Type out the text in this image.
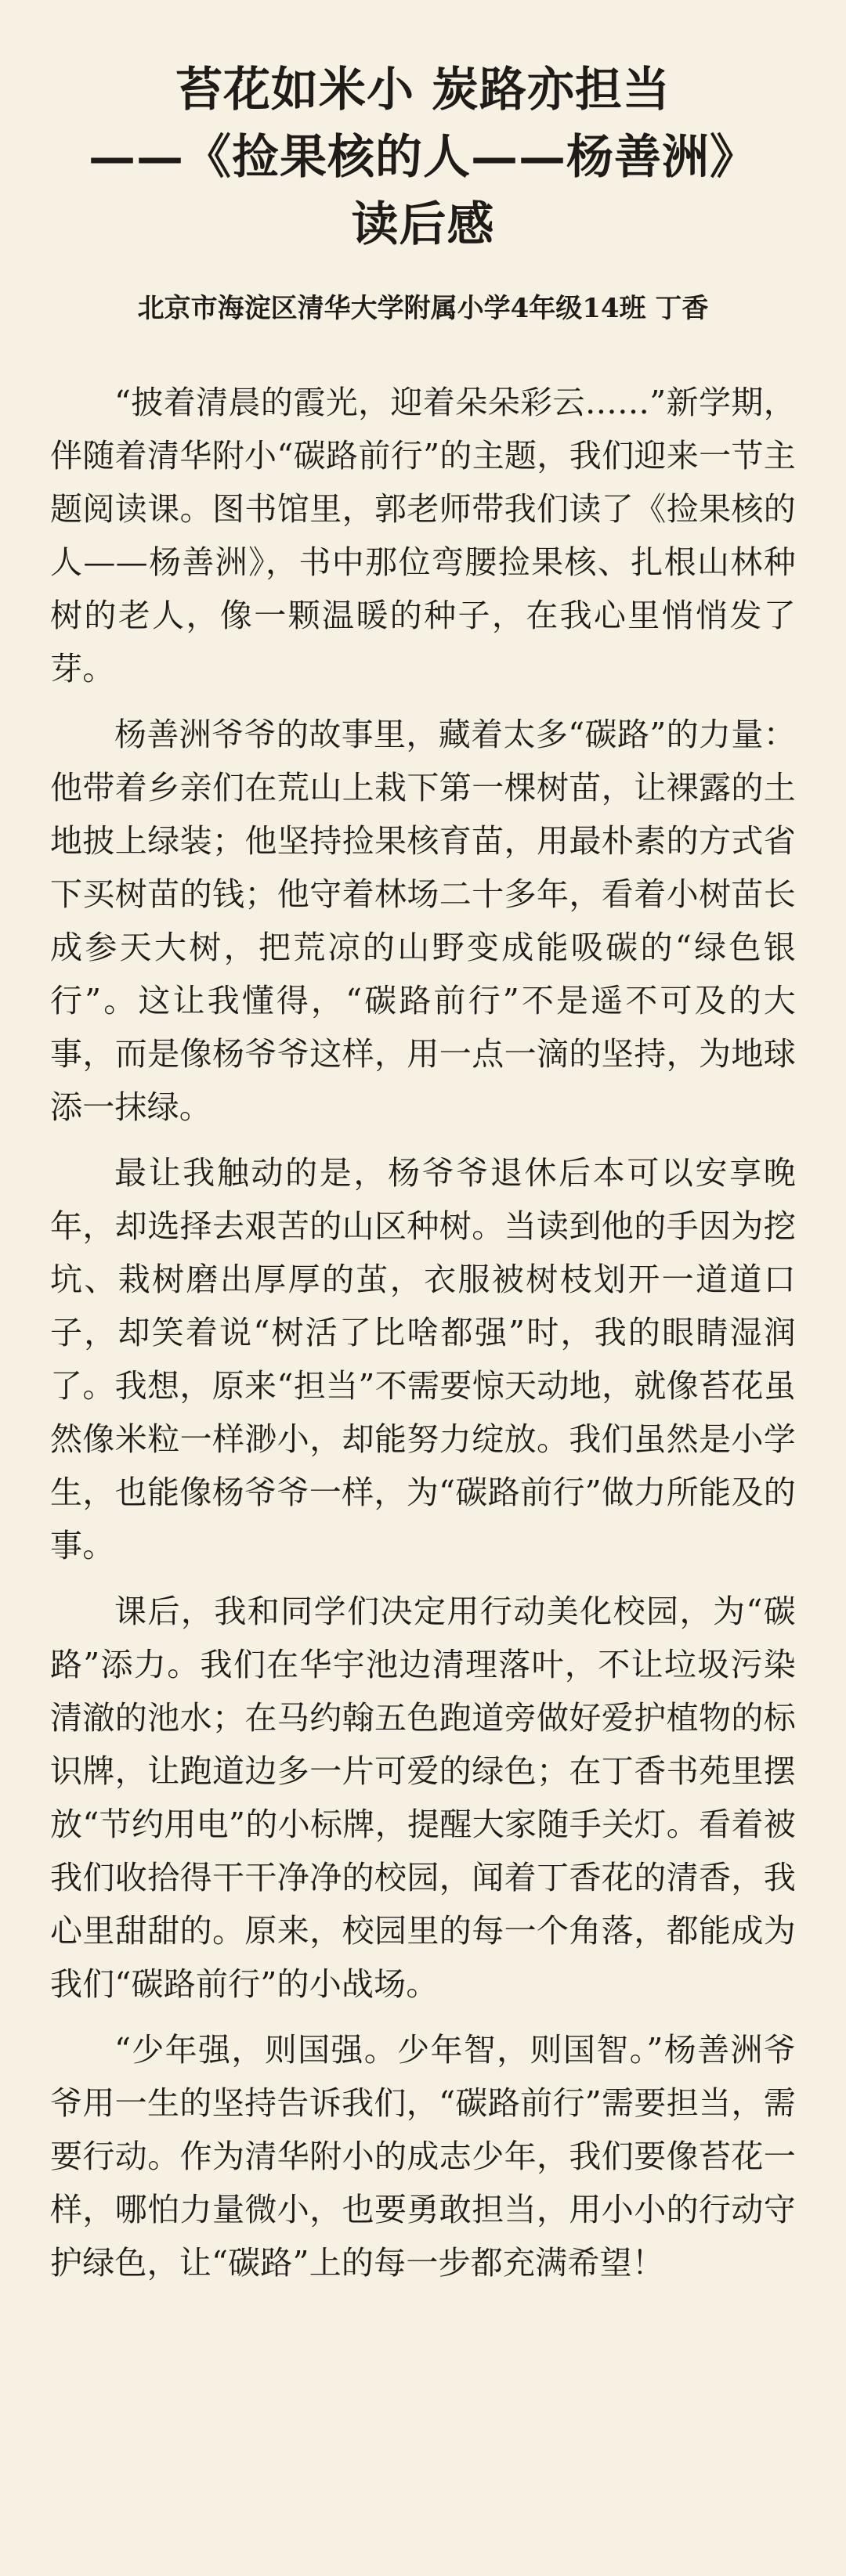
苔花如米小 炭路亦担当
——《捡果核的人——杨善洲》
读后感
北京市海淀区清华大学附属小学4年级14班 丁香

“披着清晨的霞光，迎着朵朵彩云……”新学期，伴随着清华附小“碳路前行”的主题，我们迎来一节主题阅读课。图书馆里，郭老师带我们读了《捡果核的人——杨善洲》，书中那位弯腰捡果核、扎根山林种树的老人，像一颗温暖的种子，在我心里悄悄发了芽。

杨善洲爷爷的故事里，藏着太多“碳路”的力量：他带着乡亲们在荒山上栽下第一棵树苗，让裸露的土地披上绿装；他坚持捡果核育苗，用最朴素的方式省下买树苗的钱；他守着林场二十多年，看着小树苗长成参天大树，把荒凉的山野变成能吸碳的“绿色银行”。这让我懂得，“碳路前行”不是遥不可及的大事，而是像杨爷爷这样，用一点一滴的坚持，为地球添一抹绿。

最让我触动的是，杨爷爷退休后本可以安享晚年，却选择去艰苦的山区种树。当读到他的手因为挖坑、栽树磨出厚厚的茧，衣服被树枝划开一道道口子，却笑着说“树活了比啥都强”时，我的眼睛湿润了。我想，原来“担当”不需要惊天动地，就像苔花虽然像米粒一样渺小，却能努力绽放。我们虽然是小学生，也能像杨爷爷一样，为“碳路前行”做力所能及的事。

课后，我和同学们决定用行动美化校园，为“碳路”添力。我们在华宇池边清理落叶，不让垃圾污染清澈的池水；在马约翰五色跑道旁做好爱护植物的标识牌，让跑道边多一片可爱的绿色；在丁香书苑里摆放“节约用电”的小标牌，提醒大家随手关灯。看着被我们收拾得干干净净的校园，闻着丁香花的清香，我心里甜甜的。原来，校园里的每一个角落，都能成为我们“碳路前行”的小战场。

“少年强，则国强。少年智，则国智。”杨善洲爷爷用一生的坚持告诉我们，“碳路前行”需要担当，需要行动。作为清华附小的成志少年，我们要像苔花一样，哪怕力量微小，也要勇敢担当，用小小的行动守护绿色，让“碳路”上的每一步都充满希望！
